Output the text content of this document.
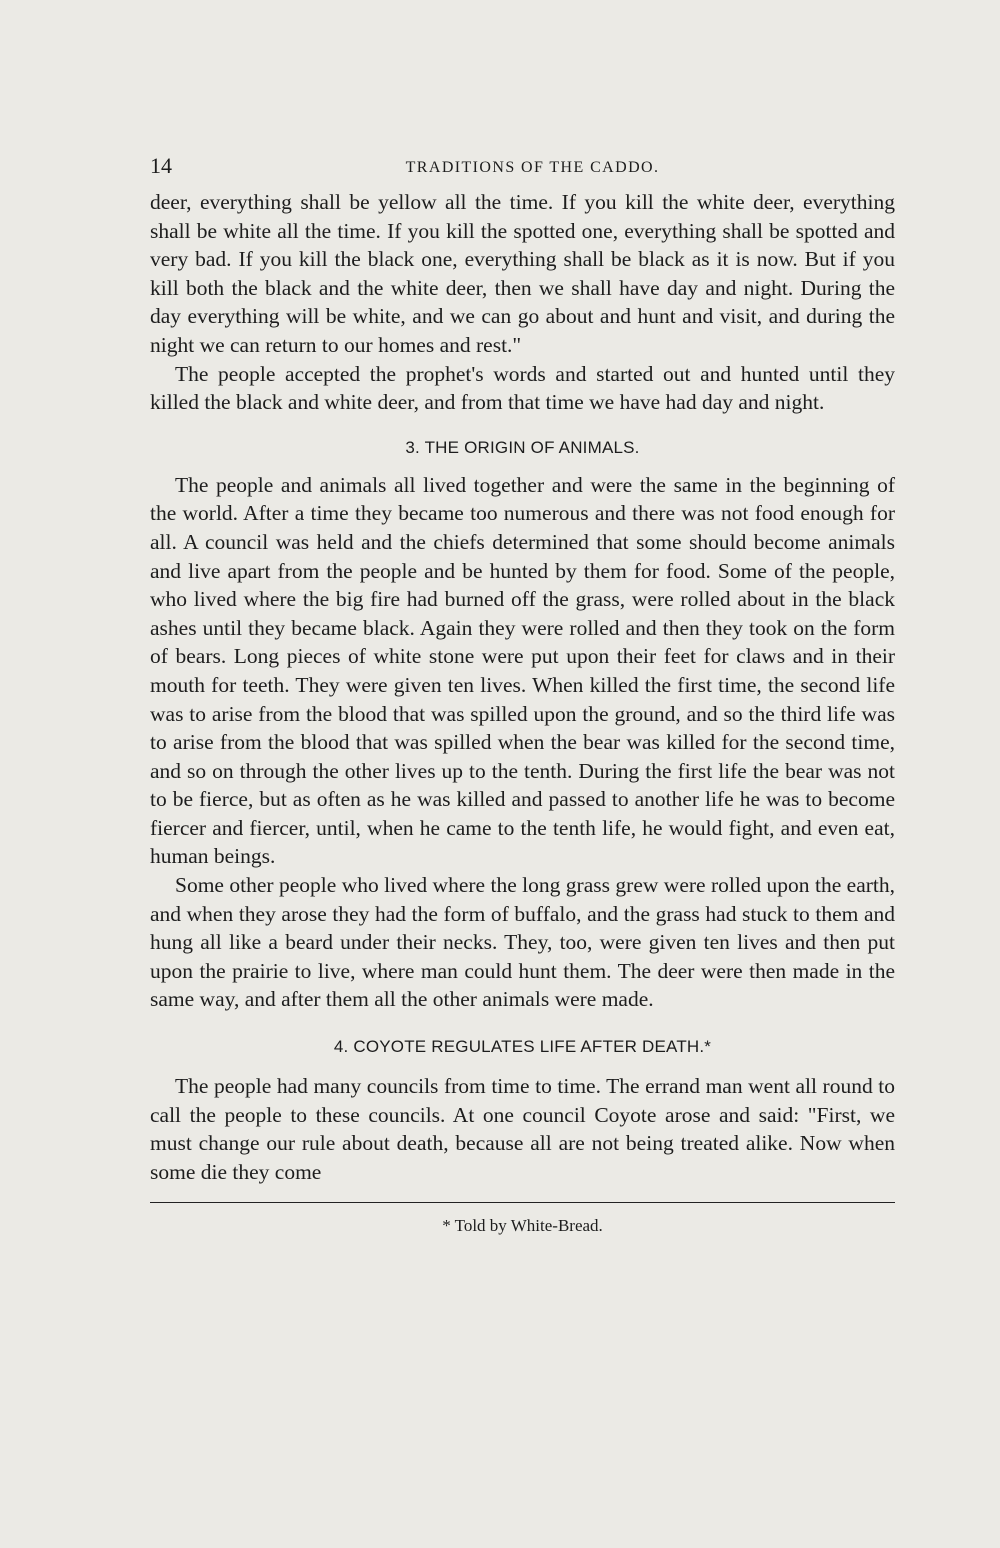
14	TRADITIONS OF THE CADDO.

deer, everything shall be yellow all the time. If you kill the white deer, everything shall be white all the time. If you kill the spotted one, everything shall be spotted and very bad. If you kill the black one, everything shall be black as it is now. But if you kill both the black and the white deer, then we shall have day and night. During the day everything will be white, and we can go about and hunt and visit, and during the night we can return to our homes and rest."

The people accepted the prophet's words and started out and hunted until they killed the black and white deer, and from that time we have had day and night.

3. THE ORIGIN OF ANIMALS.

The people and animals all lived together and were the same in the beginning of the world. After a time they became too numerous and there was not food enough for all. A council was held and the chiefs determined that some should become animals and live apart from the people and be hunted by them for food. Some of the people, who lived where the big fire had burned off the grass, were rolled about in the black ashes until they became black. Again they were rolled and then they took on the form of bears. Long pieces of white stone were put upon their feet for claws and in their mouth for teeth. They were given ten lives. When killed the first time, the second life was to arise from the blood that was spilled upon the ground, and so the third life was to arise from the blood that was spilled when the bear was killed for the second time, and so on through the other lives up to the tenth. During the first life the bear was not to be fierce, but as often as he was killed and passed to another life he was to become fiercer and fiercer, until, when he came to the tenth life, he would fight, and even eat, human beings.

Some other people who lived where the long grass grew were rolled upon the earth, and when they arose they had the form of buffalo, and the grass had stuck to them and hung all like a beard under their necks. They, too, were given ten lives and then put upon the prairie to live, where man could hunt them. The deer were then made in the same way, and after them all the other animals were made.

4. COYOTE REGULATES LIFE AFTER DEATH.*

The people had many councils from time to time. The errand man went all round to call the people to these councils. At one council Coyote arose and said: "First, we must change our rule about death, because all are not being treated alike. Now when some die they come

* Told by White-Bread.
